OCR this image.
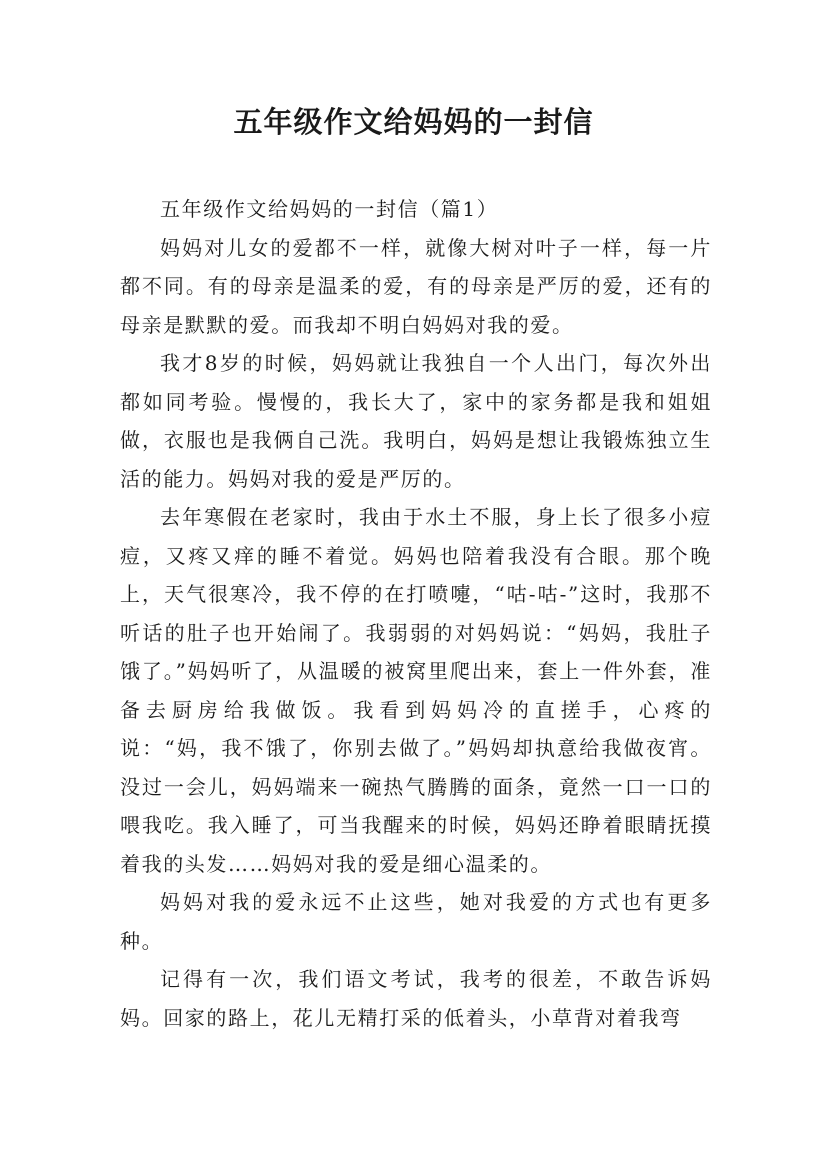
五年级作文给妈妈的一封信

五年级作文给妈妈的一封信（篇1）

妈妈对儿女的爱都不一样，就像大树对叶子一样，每一片都不同。有的母亲是温柔的爱，有的母亲是严厉的爱，还有的母亲是默默的爱。而我却不明白妈妈对我的爱。

我才8岁的时候，妈妈就让我独自一个人出门，每次外出都如同考验。慢慢的，我长大了，家中的家务都是我和姐姐做，衣服也是我俩自己洗。我明白，妈妈是想让我锻炼独立生活的能力。妈妈对我的爱是严厉的。

去年寒假在老家时，我由于水土不服，身上长了很多小痘痘，又疼又痒的睡不着觉。妈妈也陪着我没有合眼。那个晚上，天气很寒冷，我不停的在打喷嚏，“咕-咕-”这时，我那不听话的肚子也开始闹了。我弱弱的对妈妈说：“妈妈，我肚子饿了。”妈妈听了，从温暖的被窝里爬出来，套上一件外套，准备去厨房给我做饭。我看到妈妈冷的直搓手，心疼的说：“妈，我不饿了，你别去做了。”妈妈却执意给我做夜宵。没过一会儿，妈妈端来一碗热气腾腾的面条，竟然一口一口的喂我吃。我入睡了，可当我醒来的时候，妈妈还睁着眼睛抚摸着我的头发……妈妈对我的爱是细心温柔的。

妈妈对我的爱永远不止这些，她对我爱的方式也有更多种。

记得有一次，我们语文考试，我考的很差，不敢告诉妈妈。回家的路上，花儿无精打采的低着头，小草背对着我弯
